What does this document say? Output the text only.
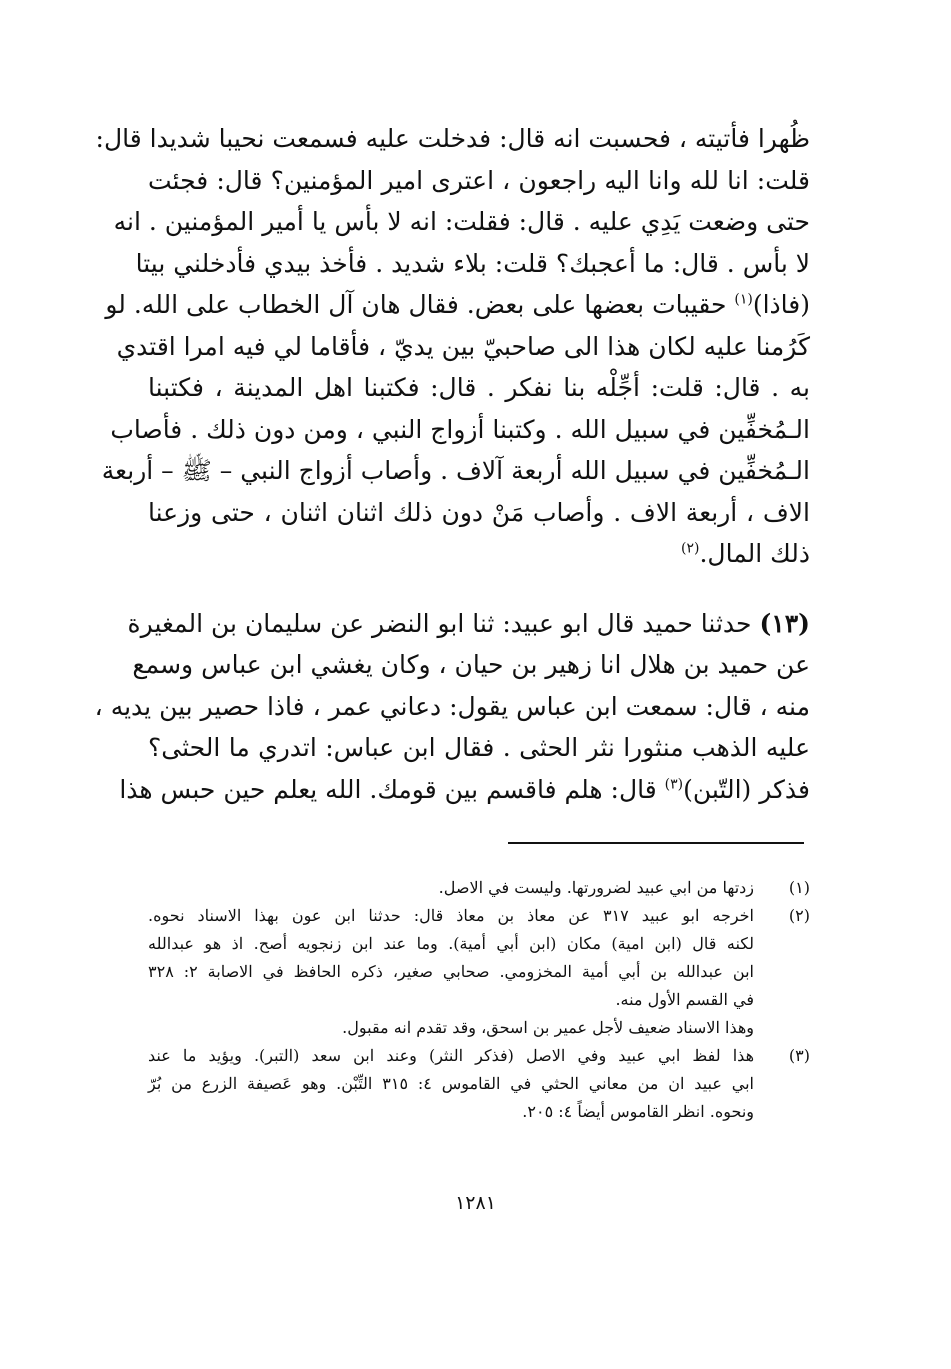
ظُهرا فأتيته ، فحسبت انه قال: فدخلت عليه فسمعت نحيبا شديدا قال:
قلت: انا لله وانا اليه راجعون ، اعترى امير المؤمنين؟ قال: فجئت
حتى وضعت يَدِي عليه . قال: فقلت: انه لا بأس يا أمير المؤمنين . انه
لا بأس . قال: ما أعجبك؟ قلت: بلاء شديد . فأخذ بيدي فأدخلني بيتا
(فاذا)$^{(١)}$ حقيبات بعضها على بعض. فقال هان آل الخطاب على الله. لو
كَرُمنا عليه لكان هذا الى صاحبيّ بين يديّ ، فأقاما لي فيه امرا اقتدي
به . قال: قلت: أجِّلْه بنا نفكر . قال: فكتبنا اهل المدينة ، فكتبنا
الـمُخفِّين في سبيل الله . وكتبنا أزواج النبي ، ومن دون ذلك . فأصاب
الـمُخفِّين في سبيل الله أربعة آلاف . وأصاب أزواج النبي – ﷺ – أربعة
الاف ، أربعة الاف . وأصاب مَنْ دون ذلك اثنان اثنان ، حتى وزعنا
ذلك المال.$^{(٢)}$
(١٣) حدثنا حميد قال ابو عبيد: ثنا ابو النضر عن سليمان بن المغيرة
عن حميد بن هلال انا زهير بن حيان ، وكان يغشي ابن عباس وسمع
منه ، قال: سمعت ابن عباس يقول: دعاني عمر ، فاذا حصير بين يديه ،
عليه الذهب منثورا نثر الحثى . فقال ابن عباس: اتدري ما الحثى؟
فذكر (التّبن)$^{(٣)}$ قال: هلم فاقسم بين قومك. الله يعلم حين حبس هذا
(١)
زدتها من ابي عبيد لضرورتها. وليست في الاصل.
(٢)
اخرجه ابو عبيد ٣١٧ عن معاذ بن معاذ قال: حدثنا ابن عون بهذا الاسناد نحوه.
لكنه قال (ابن امية) مكان (ابن أبي أمية). وما عند ابن زنجويه أصح. اذ هو عبدالله
ابن عبدالله بن أبي أمية المخزومي. صحابي صغير، ذكره الحافظ في الاصابة ٢: ٣٢٨
في القسم الأول منه.
وهذا الاسناد ضعيف لأجل عمير بن اسحق، وقد تقدم انه مقبول.
(٣)
هذا لفظ ابي عبيد وفي الاصل (فذكر النثر) وعند ابن سعد (التبر). ويؤيد ما عند
ابي عبيد ان من معاني الحثي في القاموس ٤: ٣١٥ التِّبْن. وهو عَصيفة الزرع من بُرّ
ونحوه. انظر القاموس أيضاً ٤: ٢٠٥.
١٢٨١
